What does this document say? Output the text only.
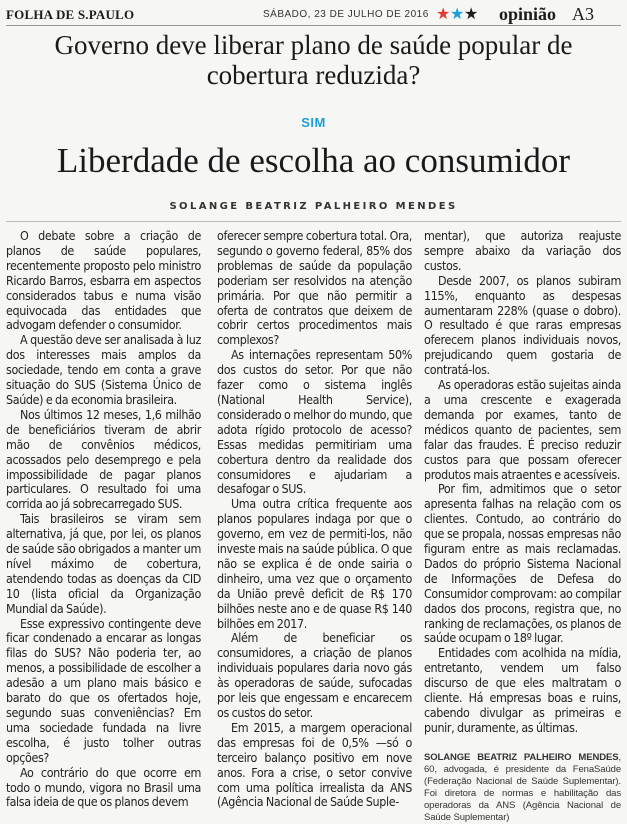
FOLHA DE S.PAULO	SÁBADO, 23 DE JULHO DE 2016 ★★★ opinião A3
Governo deve liberar plano de saúde popular de cobertura reduzida?
SIM
Liberdade de escolha ao consumidor
SOLANGE BEATRIZ PALHEIRO MENDES

O debate sobre a criação de planos de saúde populares, recentemente proposto pelo ministro Ricardo Barros, esbarra em aspectos considerados tabus e numa visão equivocada das entidades que advogam defender o consumidor.

A questão deve ser analisada à luz dos interesses mais amplos da sociedade, tendo em conta a grave situação do SUS (Sistema Único de Saúde) e da economia brasileira.

Nos últimos 12 meses, 1,6 milhão de beneficiários tiveram de abrir mão de convênios médicos, acossados pelo desemprego e pela impossibilidade de pagar planos particulares. O resultado foi uma corrida ao já sobrecarregado SUS.

Tais brasileiros se viram sem alternativa, já que, por lei, os planos de saúde são obrigados a manter um nível máximo de cobertura, atendendo todas as doenças da CID 10 (lista oficial da Organização Mundial da Saúde).

Esse expressivo contingente deve ficar condenado a encarar as longas filas do SUS? Não poderia ter, ao menos, a possibilidade de escolher a adesão a um plano mais básico e barato do que os ofertados hoje, segundo suas conveniências? Em uma sociedade fundada na livre escolha, é justo tolher outras opções?

Ao contrário do que ocorre em todo o mundo, vigora no Brasil uma falsa ideia de que os planos devem

oferecer sempre cobertura total. Ora, segundo o governo federal, 85% dos problemas de saúde da população poderiam ser resolvidos na atenção primária. Por que não permitir a oferta de contratos que deixem de cobrir certos procedimentos mais complexos?

As internações representam 50% dos custos do setor. Por que não fazer como o sistema inglês (National Health Service), considerado o melhor do mundo, que adota rígido protocolo de acesso? Essas medidas permitiriam uma cobertura dentro da realidade dos consumidores e ajudariam a desafogar o SUS.

Uma outra crítica frequente aos planos populares indaga por que o governo, em vez de permiti-los, não investe mais na saúde pública. O que não se explica é de onde sairia o dinheiro, uma vez que o orçamento da União prevê deficit de R$ 170 bilhões neste ano e de quase R$ 140 bilhões em 2017.

Além de beneficiar os consumidores, a criação de planos individuais populares daria novo gás às operadoras de saúde, sufocadas por leis que engessam e encarecem os custos do setor.

Em 2015, a margem operacional das empresas foi de 0,5% —só o terceiro balanço positivo em nove anos. Fora a crise, o setor convive com uma política irrealista da ANS (Agência Nacional de Saúde Suple-

mentar), que autoriza reajuste sempre abaixo da variação dos custos.

Desde 2007, os planos subiram 115%, enquanto as despesas aumentaram 228% (quase o dobro). O resultado é que raras empresas oferecem planos individuais novos, prejudicando quem gostaria de contratá-los.

As operadoras estão sujeitas ainda a uma crescente e exagerada demanda por exames, tanto de médicos quanto de pacientes, sem falar das fraudes. É preciso reduzir custos para que possam oferecer produtos mais atraentes e acessíveis.

Por fim, admitimos que o setor apresenta falhas na relação com os clientes. Contudo, ao contrário do que se propala, nossas empresas não figuram entre as mais reclamadas. Dados do próprio Sistema Nacional de Informações de Defesa do Consumidor comprovam: ao compilar dados dos procons, registra que, no ranking de reclamações, os planos de saúde ocupam o 18º lugar.

Entidades com acolhida na mídia, entretanto, vendem um falso discurso de que eles maltratam o cliente. Há empresas boas e ruins, cabendo divulgar as primeiras e punir, duramente, as últimas.

SOLANGE BEATRIZ PALHEIRO MENDES, 60, advogada, é presidente da FenaSaúde (Federação Nacional de Saúde Suplementar). Foi diretora de normas e habilitação das operadoras da ANS (Agência Nacional de Saúde Suplementar)
